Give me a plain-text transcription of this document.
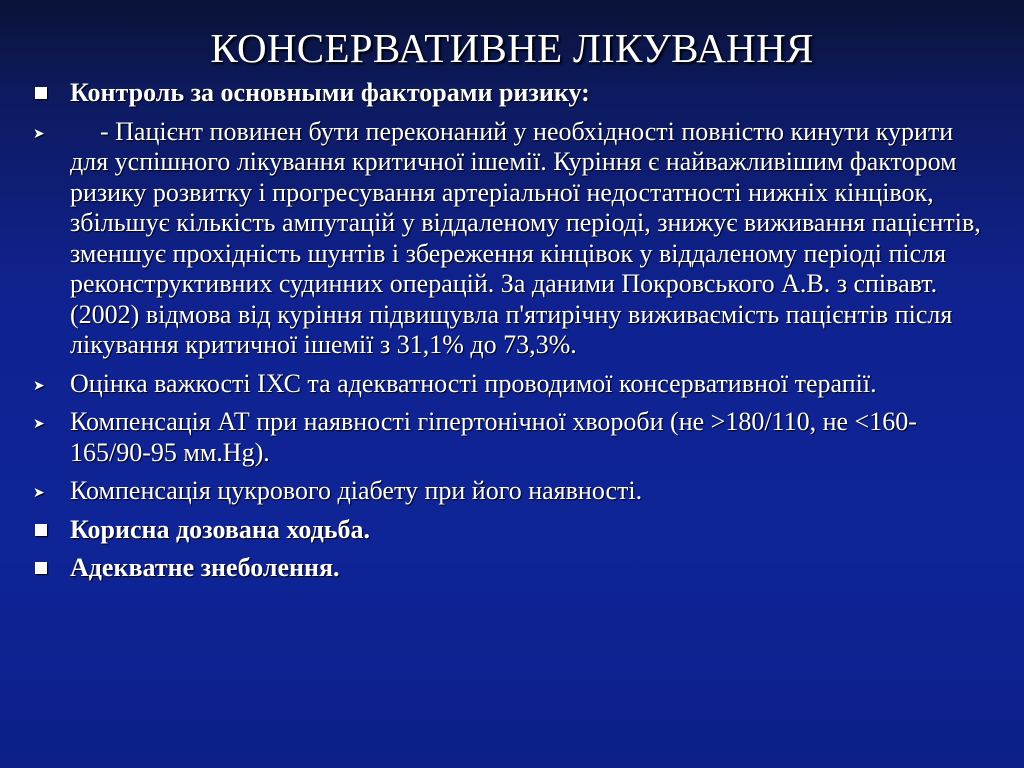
КОНСЕРВАТИВНЕ ЛІКУВАННЯ
Контроль за основными факторами ризику:
➤ - Пацієнт повинен бути переконаний у необхідності повністю кинути курити для успішного лікування критичної ішемії. Куріння є найважливішим фактором ризику розвитку і прогресування артеріальної недостатності нижніх кінцівок, збільшує кількість ампутацій у віддаленому періоді, знижує виживання пацієнтів, зменшує прохідність шунтів і збереження кінцівок у віддаленому періоді після реконструктивних судинних операцій. За даними Покровського А.В. з співавт. (2002) відмова від куріння підвищувла п'ятирічну виживаємість пацієнтів після лікування критичної ішемії з 31,1% до 73,3%.
➤ Оцінка важкості ІХС та адекватності проводимої консервативної терапії.
➤ Компенсація АТ при наявності гіпертонічної хвороби (не >180/110, не <160-165/90-95 мм.Hg).
➤ Компенсація цукрового діабету при його наявності.
Корисна дозована ходьба.
Адекватне знеболення.
